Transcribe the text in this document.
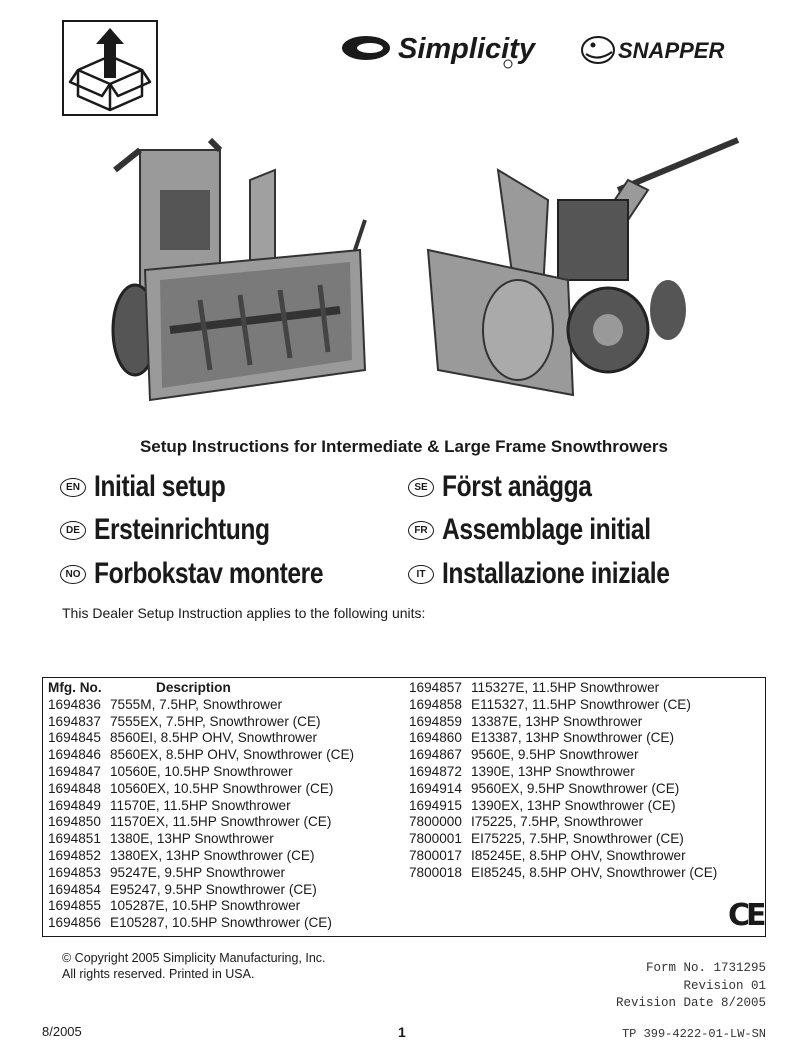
Simplicity	SNAPPER
Setup Instructions for Intermediate & Large Frame Snowthrowers
EN Initial setup	SE Först anägga
DE Ersteinrichtung	FR Assemblage initial
NO Forbokstav montere	IT Installazione iniziale
This Dealer Setup Instruction applies to the following units:
Mfg. No.	Description
1694836 7555M, 7.5HP, Snowthrower
1694837 7555EX, 7.5HP, Snowthrower (CE)
1694845 8560EI, 8.5HP OHV, Snowthrower
1694846 8560EX, 8.5HP OHV, Snowthrower (CE)
1694847 10560E, 10.5HP Snowthrower
1694848 10560EX, 10.5HP Snowthrower (CE)
1694849 11570E, 11.5HP Snowthrower
1694850 11570EX, 11.5HP Snowthrower (CE)
1694851 1380E, 13HP Snowthrower
1694852 1380EX, 13HP Snowthrower (CE)
1694853 95247E, 9.5HP Snowthrower
1694854 E95247, 9.5HP Snowthrower (CE)
1694855 105287E, 10.5HP Snowthrower
1694856 E105287, 10.5HP Snowthrower (CE)
1694857 115327E, 11.5HP Snowthrower
1694858 E115327, 11.5HP Snowthrower (CE)
1694859 13387E, 13HP Snowthrower
1694860 E13387, 13HP Snowthrower (CE)
1694867 9560E, 9.5HP Snowthrower
1694872 1390E, 13HP Snowthrower
1694914 9560EX, 9.5HP Snowthrower (CE)
1694915 1390EX, 13HP Snowthrower (CE)
7800000 I75225, 7.5HP, Snowthrower
7800001 EI75225, 7.5HP, Snowthrower (CE)
7800017 I85245E, 8.5HP OHV, Snowthrower
7800018 EI85245, 8.5HP OHV, Snowthrower (CE)
CE
© Copyright 2005 Simplicity Manufacturing, Inc.
All rights reserved. Printed in USA.	Form No. 1731295
Revision 01
Revision Date 8/2005
8/2005	1	TP 399-4222-01-LW-SN
